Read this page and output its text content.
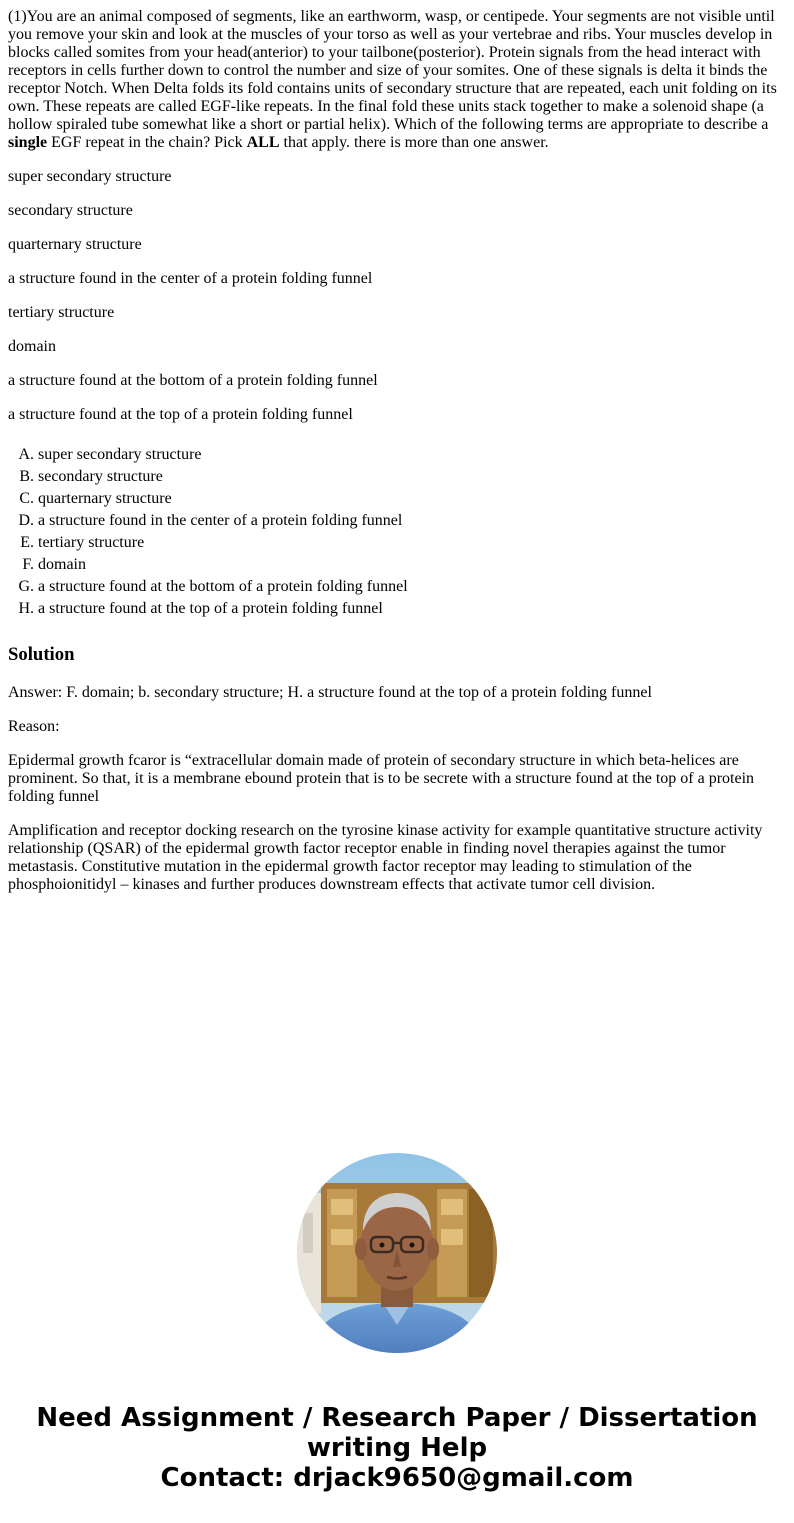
(1)You are an animal composed of segments, like an earthworm, wasp, or centipede. Your segments are not visible until you remove your skin and look at the muscles of your torso as well as your vertebrae and ribs. Your muscles develop in blocks called somites from your head(anterior) to your tailbone(posterior). Protein signals from the head interact with receptors in cells further down to control the number and size of your somites. One of these signals is delta it binds the receptor Notch. When Delta folds its fold contains units of secondary structure that are repeated, each unit folding on its own. These repeats are called EGF-like repeats. In the final fold these units stack together to make a solenoid shape (a hollow spiraled tube somewhat like a short or partial helix). Which of the following terms are appropriate to describe a single EGF repeat in the chain? Pick ALL that apply. there is more than one answer.

super secondary structure

secondary structure

quarternary structure

a structure found in the center of a protein folding funnel

tertiary structure

domain

a structure found at the bottom of a protein folding funnel

a structure found at the top of a protein folding funnel

A. super secondary structure
B. secondary structure
C. quarternary structure
D. a structure found in the center of a protein folding funnel
E. tertiary structure
F. domain
G. a structure found at the bottom of a protein folding funnel
H. a structure found at the top of a protein folding funnel
Solution

Answer: F. domain; b. secondary structure; H. a structure found at the top of a protein folding funnel

Reason:

Epidermal growth fcaror is “extracellular domain made of protein of secondary structure in which beta-helices are prominent. So that, it is a membrane ebound protein that is to be secrete with a structure found at the top of a protein folding funnel

Amplification and receptor docking research on the tyrosine kinase activity for example quantitative structure activity relationship (QSAR) of the epidermal growth factor receptor enable in finding novel therapies against the tumor metastasis. Constitutive mutation in the epidermal growth factor receptor may leading to stimulation of the phosphoionitidyl – kinases and further produces downstream effects that activate tumor cell division.

Need Assignment / Research Paper / Dissertation
writing Help
Contact: drjack9650@gmail.com
